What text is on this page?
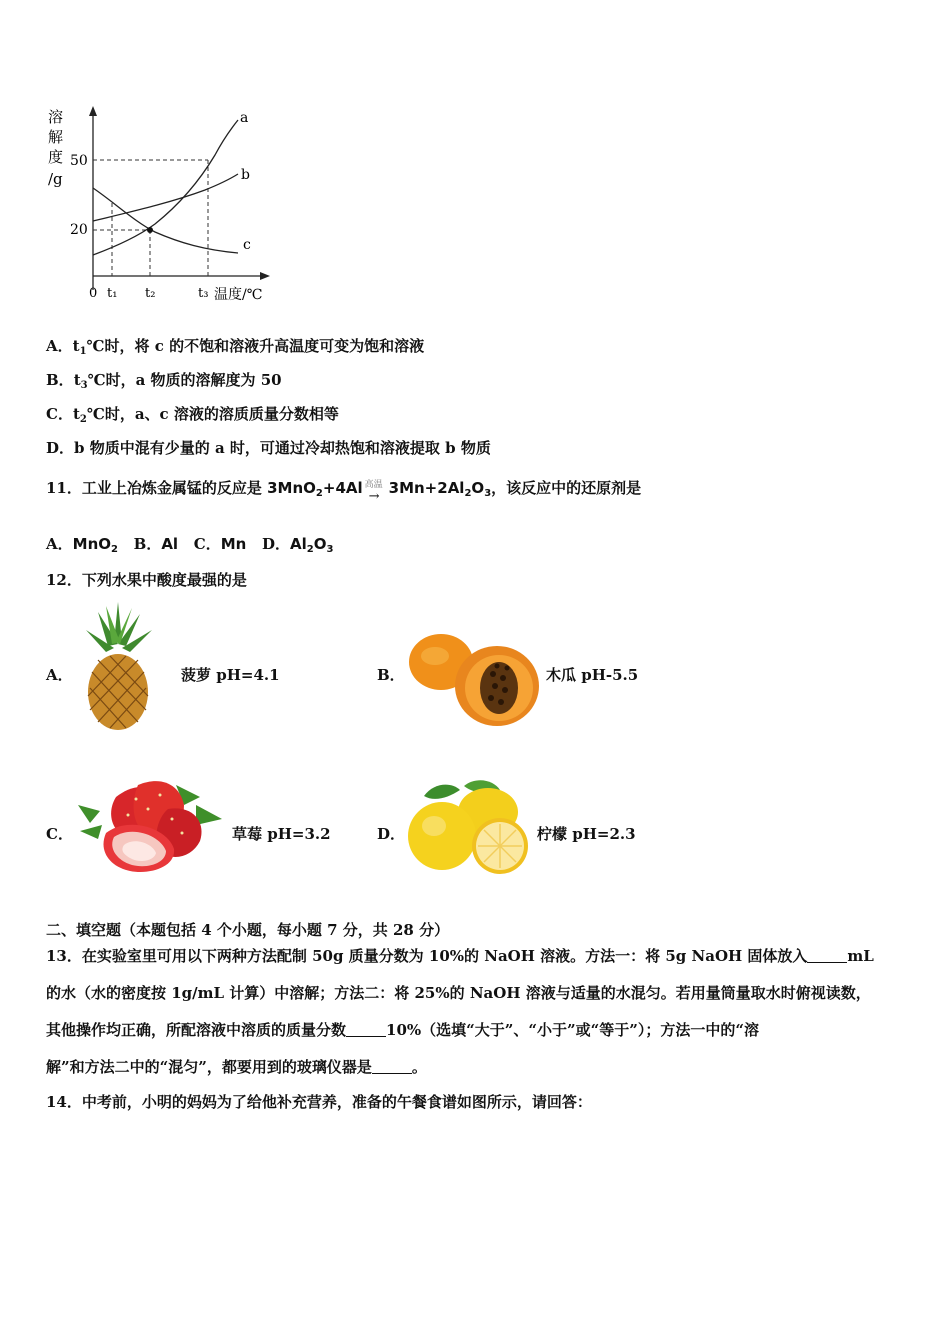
溶
解
度
/g
50
20
a
b
c
0 t₁ t₂	t₃ 温度/℃
A．$t_1℃$时，将 c 的不饱和溶液升高温度可变为饱和溶液
B．$t_3℃$时，a 物质的溶解度为 50
C．$t_2℃$时，a、c 溶液的溶质质量分数相等
D．b 物质中混有少量的 a 时，可通过冷却热饱和溶液提取 b 物质
11．工业上冶炼金属锰的反应是 3MnO$_2$+4Al 高温
→ $3Mn+2Al_2O_3$，该反应中的还原剂是
A．MnO$_2$ B．Al C．Mn D．$Al_2O_3$
12．下列水果中酸度最强的是
A．	菠萝 pH=4.1	B．	木瓜 pH-5.5
C．	草莓 pH=3.2	D．	柠檬 pH=2.3
二、填空题（本题包括 4 个小题，每小题 7 分，共 28 分）
13．在实验室里可用以下两种方法配制 50g 质量分数为 10%的 NaOH 溶液。方法一：将 5g NaOH 固体放入	mL
的水（水的密度按 1g/mL 计算）中溶解；方法二：将 25%的 NaOH 溶液与适量的水混匀。若用量筒量取水时俯视读数，
其他操作均正确，所配溶液中溶质的质量分数	10%（选填“大于”、“小于”或“等于”）；方法一中的“溶
解”和方法二中的“混匀”，都要用到的玻璃仪器是	。
14．中考前，小明的妈妈为了给他补充营养，准备的午餐食谱如图所示，请回答：
